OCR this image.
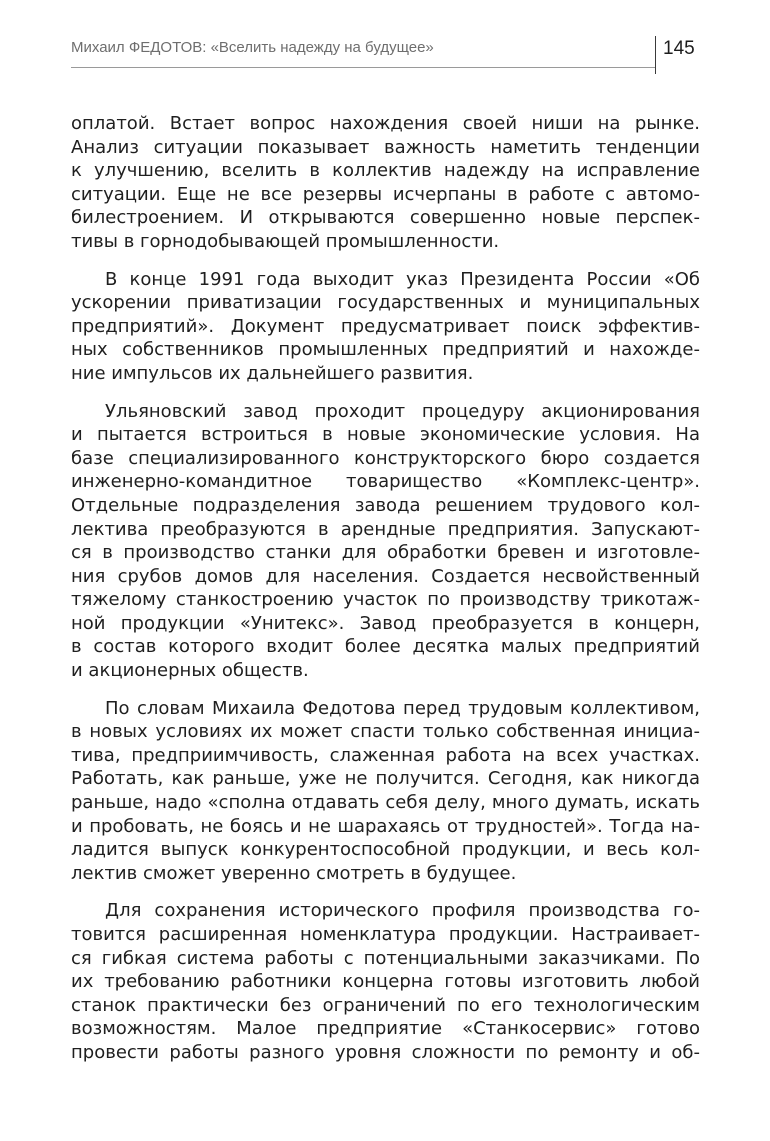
Михаил ФЕДОТОВ: «Вселить надежду на будущее»	145

оплатой. Встает вопрос нахождения своей ниши на рынке.
Анализ ситуации показывает важность наметить тенденции
к улучшению, вселить в коллектив надежду на исправление
ситуации. Еще не все резервы исчерпаны в работе с автомо-
билестроением. И открываются совершенно новые перспек-
тивы в горнодобывающей промышленности.

В конце 1991 года выходит указ Президента России «Об
ускорении приватизации государственных и муниципальных
предприятий». Документ предусматривает поиск эффектив-
ных собственников промышленных предприятий и нахожде-
ние импульсов их дальнейшего развития.

Ульяновский завод проходит процедуру акционирования
и пытается встроиться в новые экономические условия. На
базе специализированного конструкторского бюро создается
инженерно-командитное товарищество «Комплекс-центр».
Отдельные подразделения завода решением трудового кол-
лектива преобразуются в арендные предприятия. Запускают-
ся в производство станки для обработки бревен и изготовле-
ния срубов домов для населения. Создается несвойственный
тяжелому станкостроению участок по производству трикотаж-
ной продукции «Унитекс». Завод преобразуется в концерн,
в состав которого входит более десятка малых предприятий
и акционерных обществ.

По словам Михаила Федотова перед трудовым коллективом,
в новых условиях их может спасти только собственная инициа-
тива, предприимчивость, слаженная работа на всех участках.
Работать, как раньше, уже не получится. Сегодня, как никогда
раньше, надо «сполна отдавать себя делу, много думать, искать
и пробовать, не боясь и не шарахаясь от трудностей». Тогда на-
ладится выпуск конкурентоспособной продукции, и весь кол-
лектив сможет уверенно смотреть в будущее.

Для сохранения исторического профиля производства го-
товится расширенная номенклатура продукции. Настраивает-
ся гибкая система работы с потенциальными заказчиками. По
их требованию работники концерна готовы изготовить любой
станок практически без ограничений по его технологическим
возможностям. Малое предприятие «Станкосервис» готово
провести работы разного уровня сложности по ремонту и об-
